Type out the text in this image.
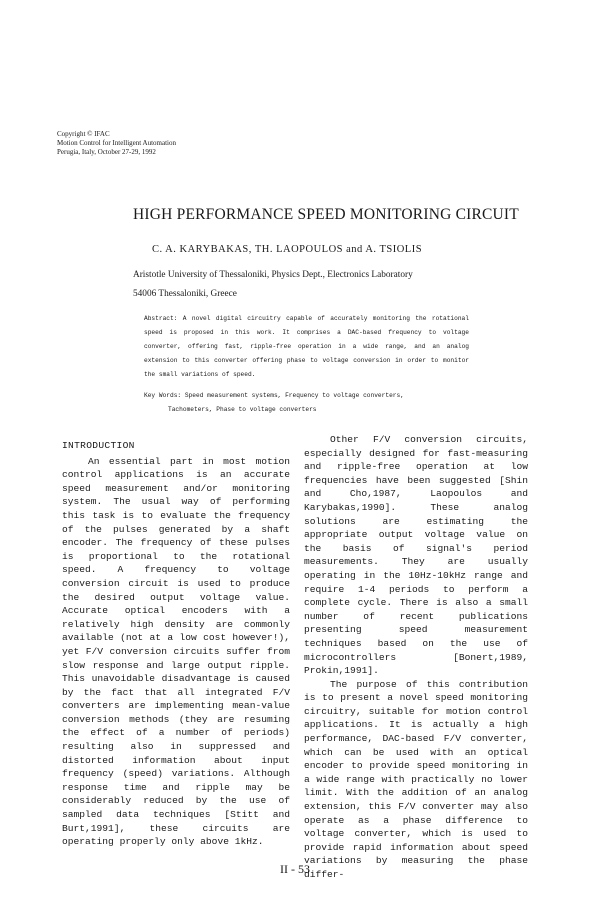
Copyright © IFAC
Motion Control for Intelligent Automation
Perugia, Italy, October 27-29, 1992
HIGH PERFORMANCE SPEED MONITORING CIRCUIT
C. A. KARYBAKAS, TH. LAOPOULOS and A. TSIOLIS
Aristotle University of Thessaloniki, Physics Dept., Electronics Laboratory
54006 Thessaloniki, Greece
Abstract: A novel digital circuitry capable of accurately monitoring the rotational speed is proposed in this work. It comprises a DAC-based frequency to voltage converter, offering fast, ripple-free operation in a wide range, and an analog extension to this converter offering phase to voltage conversion in order to monitor the small variations of speed.
Key Words: Speed measurement systems, Frequency to voltage converters,
Tachometers, Phase to voltage converters

INTRODUCTION

An essential part in most motion control applications is an accurate speed measurement and/or monitoring system. The usual way of performing this task is to evaluate the frequency of the pulses generated by a shaft encoder. The frequency of these pulses is proportional to the rotational speed. A frequency to voltage conversion circuit is used to produce the desired output voltage value. Accurate optical encoders with a relatively high density are commonly available (not at a low cost however!), yet F/V conversion circuits suffer from slow response and large output ripple. This unavoidable disadvantage is caused by the fact that all integrated F/V converters are implementing mean-value conversion methods (they are resuming the effect of a number of periods) resulting also in suppressed and distorted information about input frequency (speed) variations. Although response time and ripple may be considerably reduced by the use of sampled data techniques [Stitt and Burt,1991], these circuits are operating properly only above 1kHz.

Other F/V conversion circuits, especially designed for fast-measuring and ripple-free operation at low frequencies have been suggested [Shin and Cho,1987, Laopoulos and Karybakas,1990]. These analog solutions are estimating the appropriate output voltage value on the basis of signal's period measurements. They are usually operating in the 10Hz-10kHz range and require 1-4 periods to perform a complete cycle. There is also a small number of recent publications presenting speed measurement techniques based on the use of microcontrollers [Bonert,1989, Prokin,1991].

The purpose of this contribution is to present a novel speed monitoring circuitry, suitable for motion control applications. It is actually a high performance, DAC-based F/V converter, which can be used with an optical encoder to provide speed monitoring in a wide range with practically no lower limit. With the addition of an analog extension, this F/V converter may also operate as a phase difference to voltage converter, which is used to provide rapid information about speed variations by measuring the phase differ-

II - 53
